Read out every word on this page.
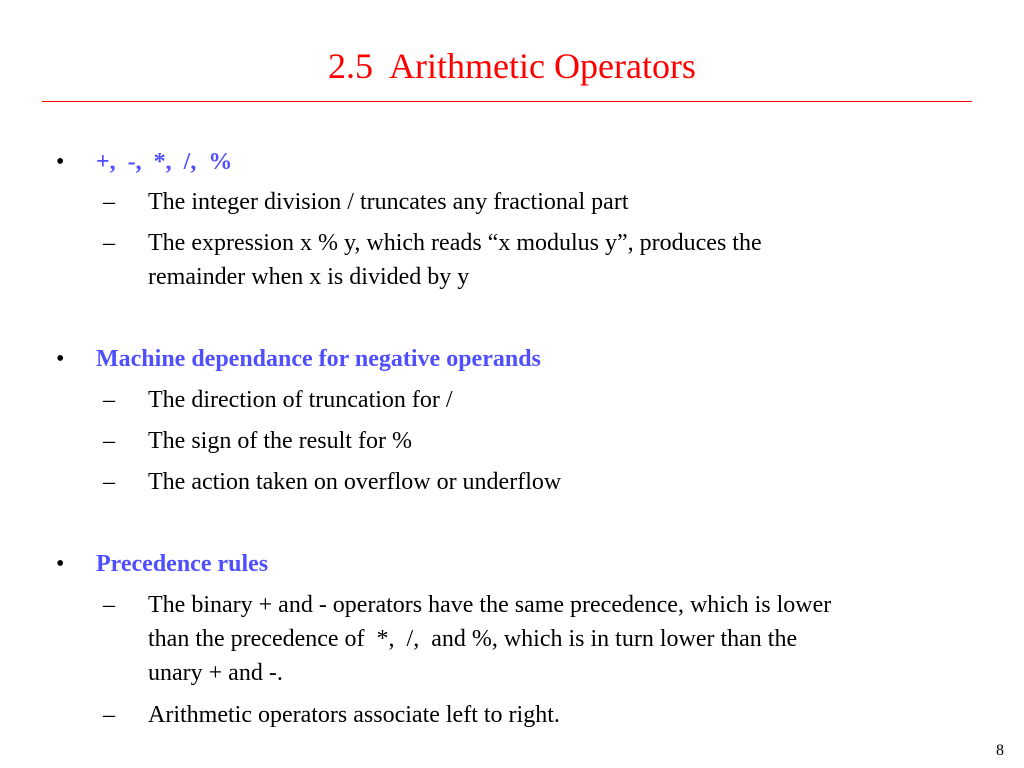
2.5  Arithmetic Operators
• +,  -,  *,  /,  %
– The integer division / truncates any fractional part
– The expression x % y, which reads “x modulus y”, produces the
remainder when x is divided by y
• Machine dependance for negative operands
– The direction of truncation for /
– The sign of the result for %
– The action taken on overflow or underflow
• Precedence rules
– The binary + and - operators have the same precedence, which is lower
than the precedence of  *,  /,  and %, which is in turn lower than the
unary + and -.
– Arithmetic operators associate left to right.
8
